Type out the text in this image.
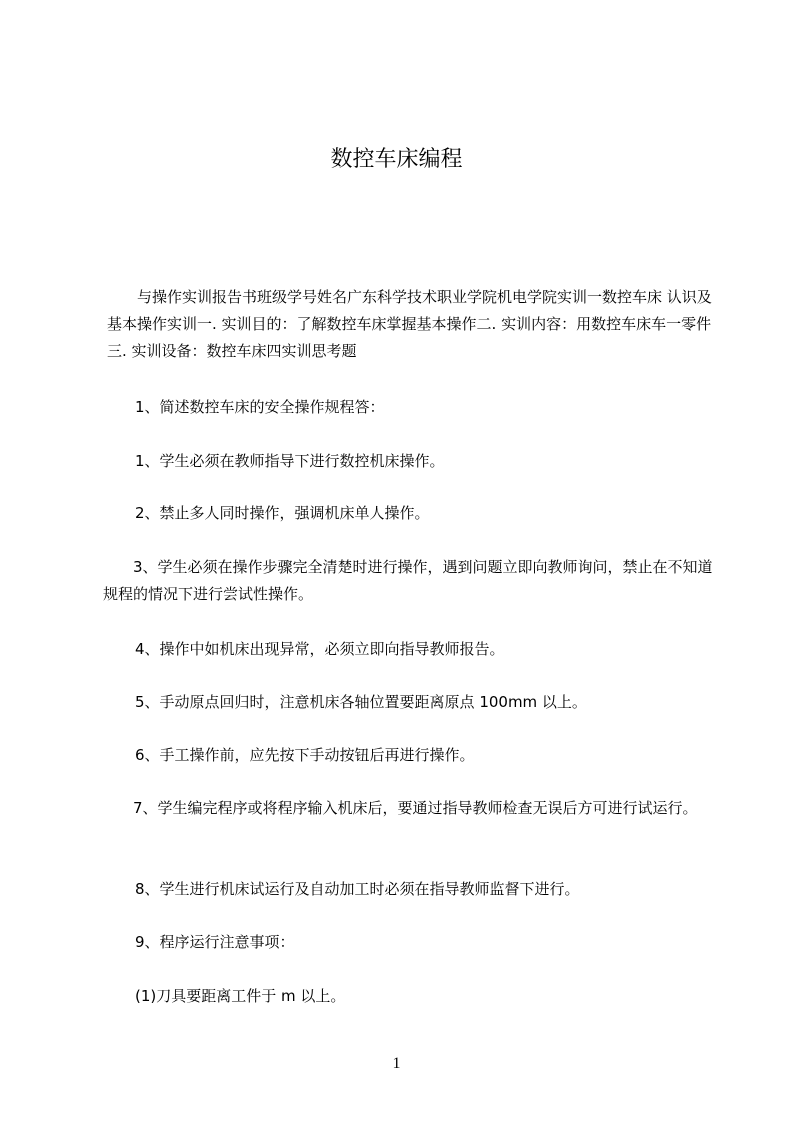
数控车床编程
　　与操作实训报告书班级学号姓名广东科学技术职业学院机电学院实训一数控车床 认识及基本操作实训一. 实训目的：了解数控车床掌握基本操作二. 实训内容：用数控车床车一零件三. 实训设备：数控车床四实训思考题
1、简述数控车床的安全操作规程答：
1、学生必须在教师指导下进行数控机床操作。
2、禁止多人同时操作，强调机床单人操作。
3、学生必须在操作步骤完全清楚时进行操作，遇到问题立即向教师询问，禁止在不知道规程的情况下进行尝试性操作。
4、操作中如机床出现异常，必须立即向指导教师报告。
5、手动原点回归时，注意机床各轴位置要距离原点 100mm 以上。
6、手工操作前，应先按下手动按钮后再进行操作。
7、学生编完程序或将程序输入机床后，要通过指导教师检查无误后方可进行试运行。
8、学生进行机床试运行及自动加工时必须在指导教师监督下进行。
9、程序运行注意事项：
(1)刀具要距离工件于 m 以上。
1
